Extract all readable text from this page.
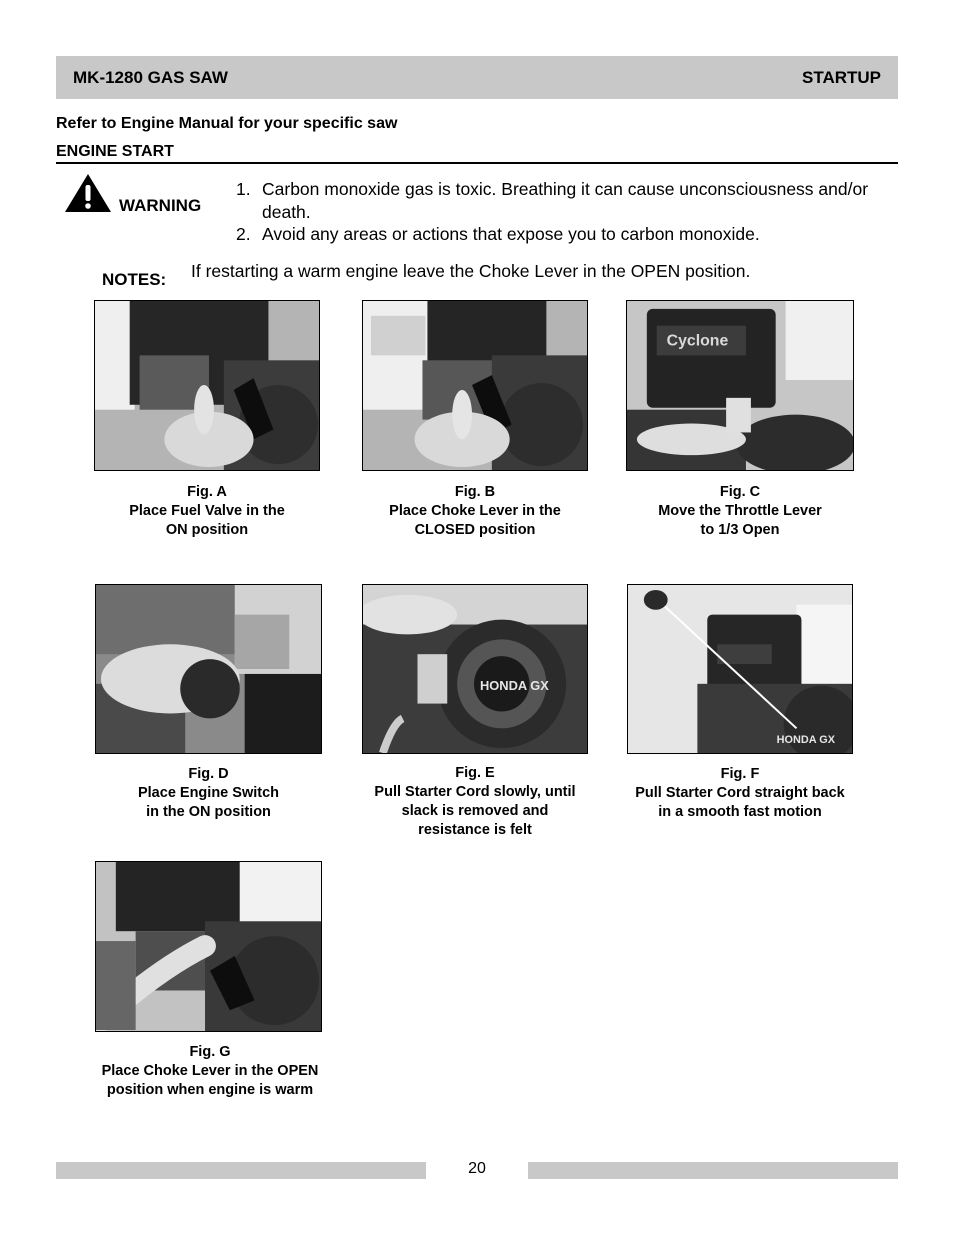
MK-1280 GAS SAW	STARTUP
Refer to Engine Manual for your specific saw
ENGINE START
WARNING
1. Carbon monoxide gas is toxic. Breathing it can cause unconsciousness and/or death.
2. Avoid any areas or actions that expose you to carbon monoxide.
NOTES: If restarting a warm engine leave the Choke Lever in the OPEN position.
Fig. A
Place Fuel Valve in the
ON position
Fig. B
Place Choke Lever in the
CLOSED position
Cyclone
Fig. C
Move the Throttle Lever
to 1/3 Open
Fig. D
Place Engine Switch
in the ON position
HONDA GX
Fig. E
Pull Starter Cord slowly, until
slack is removed and
resistance is felt
HONDA GX
Fig. F
Pull Starter Cord straight back
in a smooth fast motion
Fig. G
Place Choke Lever in the OPEN
position when engine is warm
20
